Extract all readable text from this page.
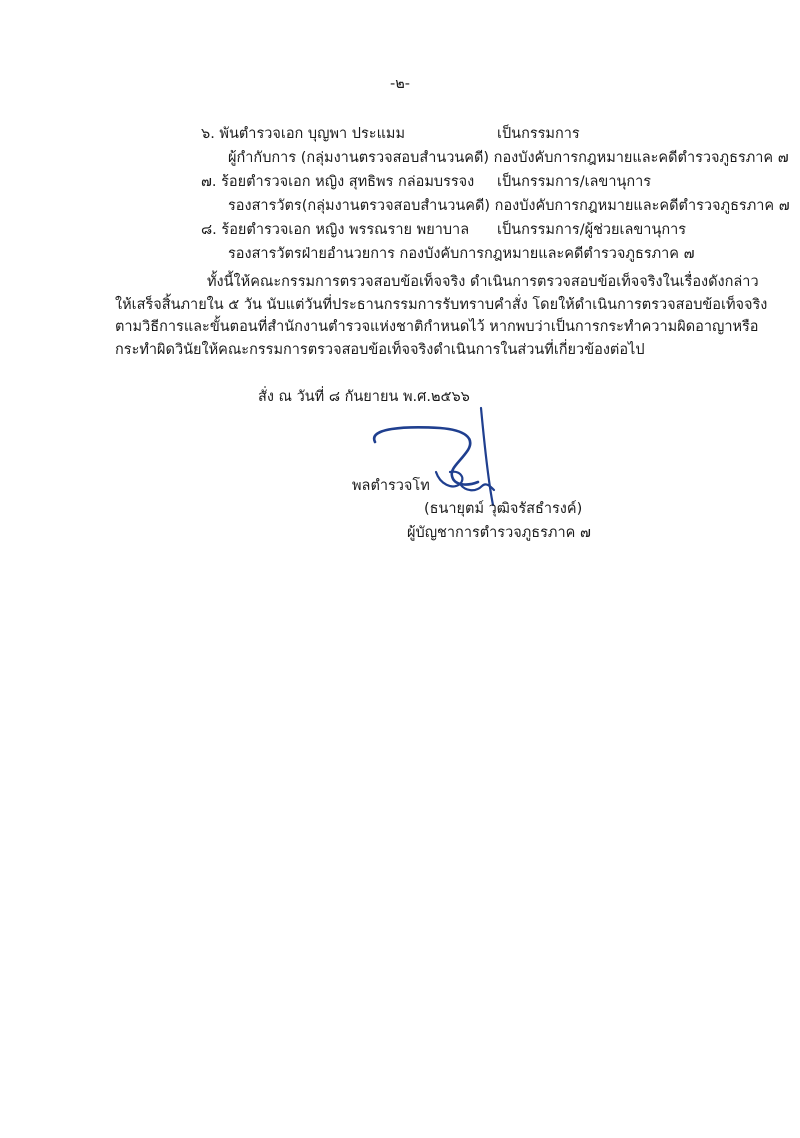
-๒-
๖. พันตำรวจเอก บุญพา ประแมม	เป็นกรรมการ
ผู้กำกับการ (กลุ่มงานตรวจสอบสำนวนคดี) กองบังคับการกฎหมายและคดีตำรวจภูธรภาค ๗
๗. ร้อยตำรวจเอก หญิง สุทธิพร กล่อมบรรจง เป็นกรรมการ/เลขานุการ
รองสารวัตร(กลุ่มงานตรวจสอบสำนวนคดี) กองบังคับการกฎหมายและคดีตำรวจภูธรภาค ๗
๘. ร้อยตำรวจเอก หญิง พรรณราย พยาบาล เป็นกรรมการ/ผู้ช่วยเลขานุการ
รองสารวัตรฝ่ายอำนวยการ กองบังคับการกฎหมายและคดีตำรวจภูธรภาค ๗
ทั้งนี้ให้คณะกรรมการตรวจสอบข้อเท็จจริง ดำเนินการตรวจสอบข้อเท็จจริงในเรื่องดังกล่าว
ให้เสร็จสิ้นภายใน ๕ วัน นับแต่วันที่ประธานกรรมการรับทราบคำสั่ง โดยให้ดำเนินการตรวจสอบข้อเท็จจริง
ตามวิธีการและขั้นตอนที่สำนักงานตำรวจแห่งชาติกำหนดไว้ หากพบว่าเป็นการกระทำความผิดอาญาหรือ
กระทำผิดวินัยให้คณะกรรมการตรวจสอบข้อเท็จจริงดำเนินการในส่วนที่เกี่ยวข้องต่อไป
สั่ง ณ วันที่ ๘ กันยายน พ.ศ.๒๕๖๖
พลตำรวจโท
(ธนายุตม์ วุฒิจรัสธำรงค์)
ผู้บัญชาการตำรวจภูธรภาค ๗
